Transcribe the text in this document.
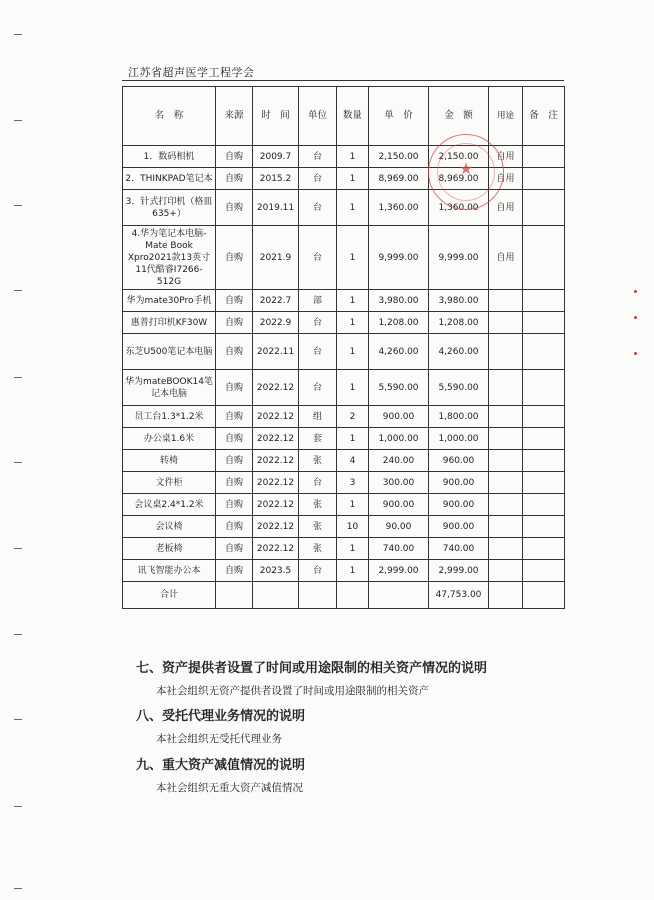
江苏省超声医学工程学会
名　称	来源	时　间	单位	数量	单　价	金　额	用途	备　注
1．数码相机	自购	2009.7	台	1	2,150.00	2,150.00	自用	
2．THINKPAD笔记本	自购	2015.2	台	1	8,969.00	8,969.00	自用	
3．针式打印机（格皿635+）	自购	2019.11	台	1	1,360.00	1,360.00	自用	
4.华为笔记本电脑-Mate Book Xpro2021款13英寸11代酷睿I7266-512G	自购	2021.9	台	1	9,999.00	9,999.00	自用	
华为mate30Pro手机	自购	2022.7	部	1	3,980.00	3,980.00		
惠普打印机KF30W	自购	2022.9	台	1	1,208.00	1,208.00		
东芝U500笔记本电脑	自购	2022.11	台	1	4,260.00	4,260.00		
华为mateBOOK14笔记本电脑	自购	2022.12	台	1	5,590.00	5,590.00		
员工台1.3*1.2米	自购	2022.12	组	2	900.00	1,800.00		
办公桌1.6米	自购	2022.12	套	1	1,000.00	1,000.00		
转椅	自购	2022.12	张	4	240.00	960.00		
文件柜	自购	2022.12	台	3	300.00	900.00		
会议桌2.4*1.2米	自购	2022.12	张	1	900.00	900.00		
会议椅	自购	2022.12	张	10	90.00	900.00		
老板椅	自购	2022.12	张	1	740.00	740.00		
讯飞智能办公本	自购	2023.5	台	1	2,999.00	2,999.00		
合计						47,753.00		
★

七、资产提供者设置了时间或用途限制的相关资产情况的说明

本社会组织无资产提供者设置了时间或用途限制的相关资产

八、受托代理业务情况的说明

本社会组织无受托代理业务

九、重大资产减值情况的说明

本社会组织无重大资产减值情况
